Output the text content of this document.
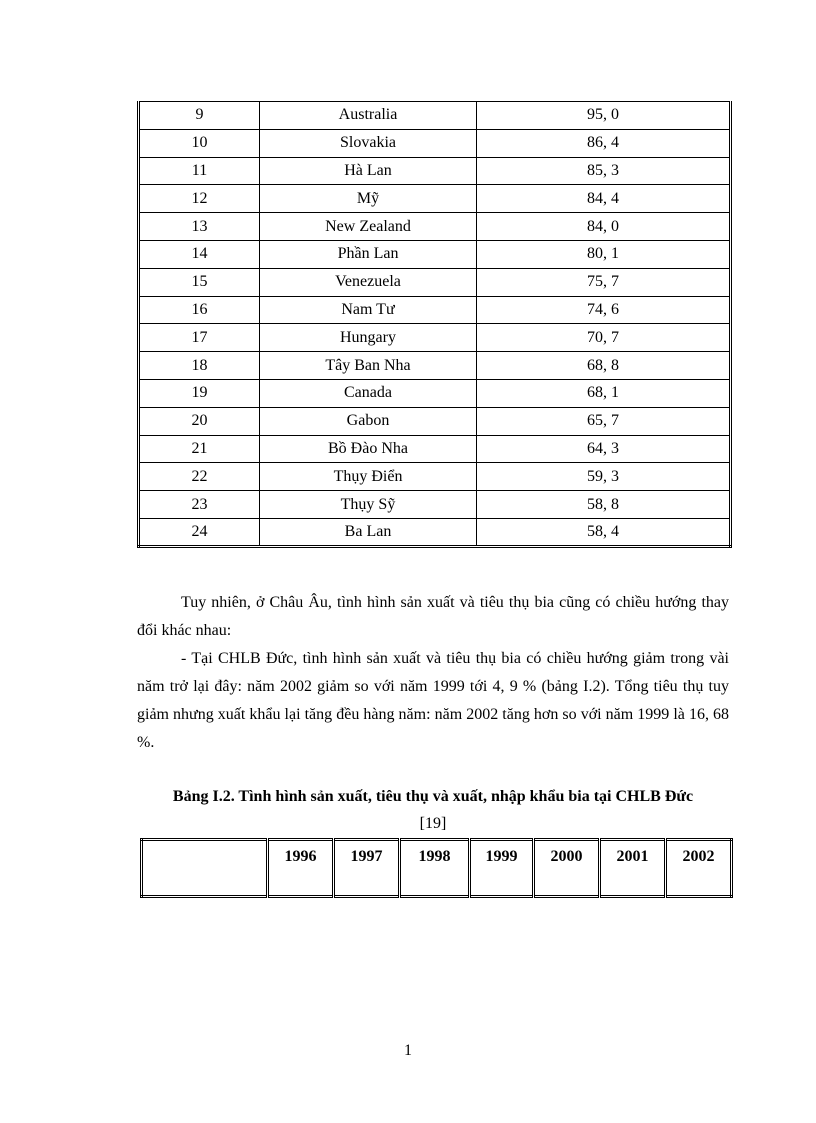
9	Australia	95, 0
10	Slovakia	86, 4
11	Hà Lan	85, 3
12	Mỹ	84, 4
13	New Zealand	84, 0
14	Phần Lan	80, 1
15	Venezuela	75, 7
16	Nam Tư	74, 6
17	Hungary	70, 7
18	Tây Ban Nha	68, 8
19	Canada	68, 1
20	Gabon	65, 7
21	Bồ Đào Nha	64, 3
22	Thụy Điển	59, 3
23	Thụy Sỹ	58, 8
24	Ba Lan	58, 4

Tuy nhiên, ở Châu Âu, tình hình sản xuất và tiêu thụ bia cũng có chiều hướng thay đổi khác nhau:

- Tại CHLB Đức, tình hình sản xuất và tiêu thụ bia có chiều hướng giảm trong vài năm trở lại đây: năm 2002 giảm so với năm 1999 tới 4, 9 % (bảng I.2). Tổng tiêu thụ tuy giảm nhưng xuất khẩu lại tăng đều hàng năm: năm 2002 tăng hơn so với năm 1999 là 16, 68 %.

Bảng I.2. Tình hình sản xuất, tiêu thụ và xuất, nhập khẩu bia tại CHLB Đức

[19]

	1996	1997	1998	1999	2000	2001	2002

1
